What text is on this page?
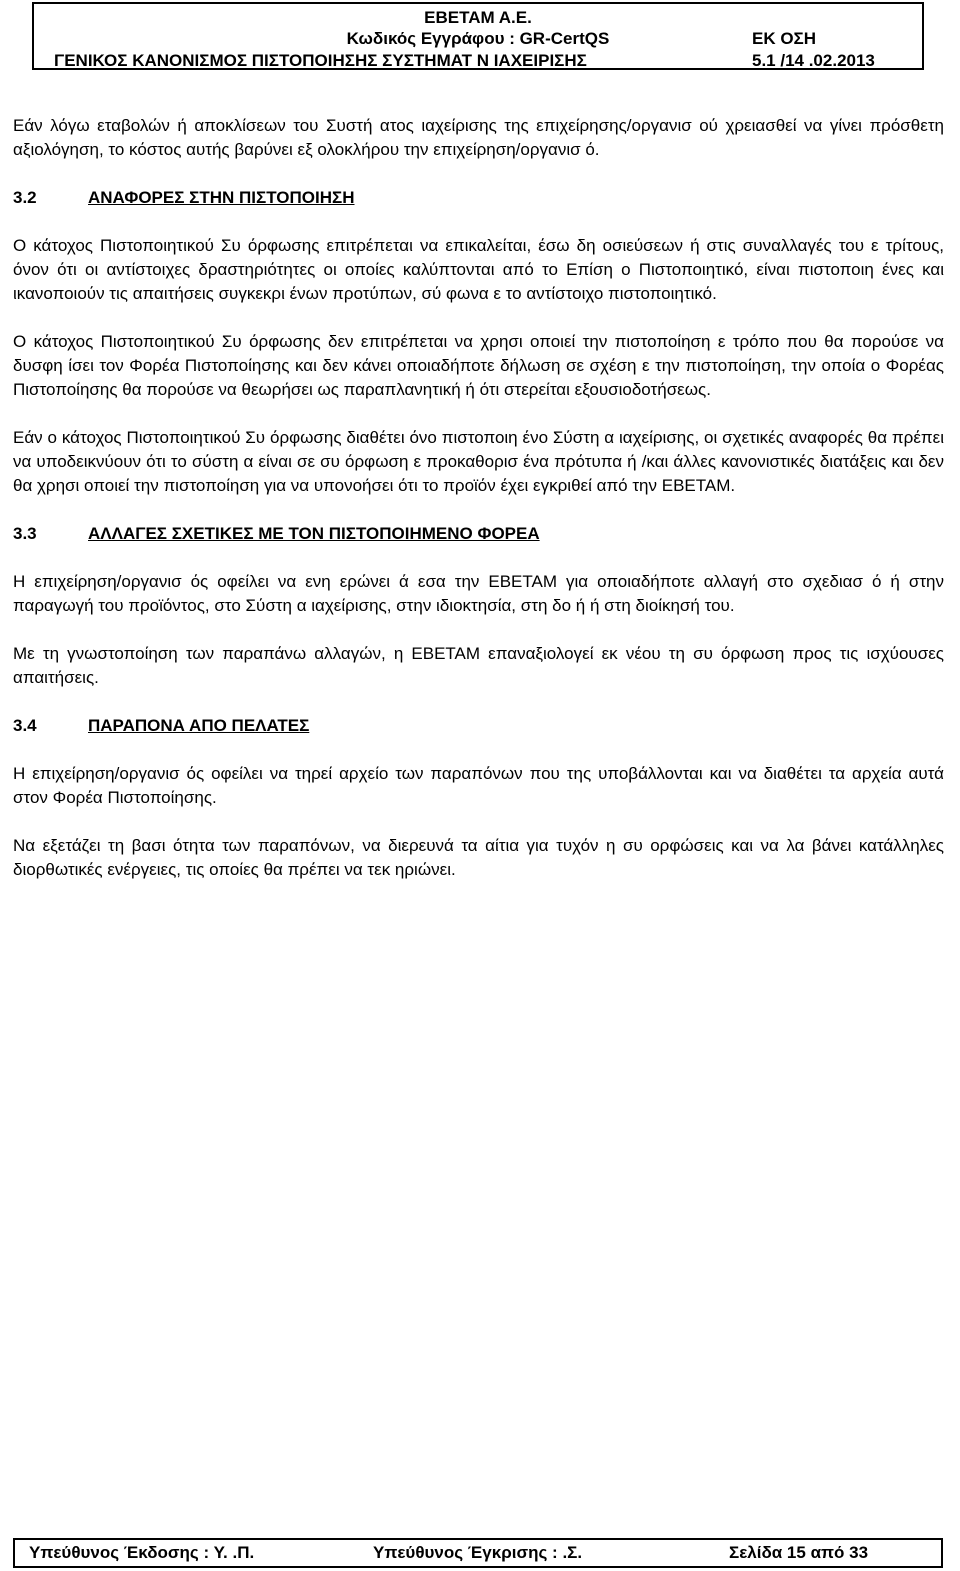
ΕΒΕΤΑΜ Α.Ε.
Κωδικός Εγγράφου : GR-CertQS	ΕΚ ΟΣΗ
ΓΕΝΙΚΟΣ ΚΑΝΟΝΙΣΜΟΣ ΠΙΣΤΟΠΟΙΗΣΗΣ ΣΥΣΤΗΜΑΤ Ν ΙΑΧΕΙΡΙΣΗΣ	5.1 /14 .02.2013

Εάν λόγω εταβολών ή αποκλίσεων του Συστή ατος ιαχείρισης της επιχείρησης/οργανισ ού χρειασθεί να γίνει πρόσθετη αξιολόγηση, το κόστος αυτής βαρύνει εξ ολοκλήρου την επιχείρηση/οργανισ ό.

3.2	ΑΝΑΦΟΡΕΣ ΣΤΗΝ ΠΙΣΤΟΠΟΙΗΣΗ

Ο κάτοχος Πιστοποιητικού Συ όρφωσης επιτρέπεται να επικαλείται, έσω δη οσιεύσεων ή στις συναλλαγές του ε τρίτους, όνον ότι οι αντίστοιχες δραστηριότητες οι οποίες καλύπτονται από το Επίση ο Πιστοποιητικό, είναι πιστοποιη ένες και ικανοποιούν τις απαιτήσεις συγκεκρι ένων προτύπων, σύ φωνα ε το αντίστοιχο πιστοποιητικό.

Ο κάτοχος Πιστοποιητικού Συ όρφωσης δεν επιτρέπεται να χρησι οποιεί την πιστοποίηση ε τρόπο που θα πορούσε να δυσφη ίσει τον Φορέα Πιστοποίησης και δεν κάνει οποιαδήποτε δήλωση σε σχέση ε την πιστοποίηση, την οποία ο Φορέας Πιστοποίησης θα πορούσε να θεωρήσει ως παραπλανητική ή ότι στερείται εξουσιοδοτήσεως.

Εάν ο κάτοχος Πιστοποιητικού Συ όρφωσης διαθέτει όνο πιστοποιη ένο Σύστη α ιαχείρισης, οι σχετικές αναφορές θα πρέπει να υποδεικνύουν ότι το σύστη α είναι σε συ όρφωση ε προκαθορισ ένα πρότυπα ή /και άλλες κανονιστικές διατάξεις και δεν θα χρησι οποιεί την πιστοποίηση για να υπονοήσει ότι το προϊόν έχει εγκριθεί από την ΕΒΕΤΑΜ.

3.3	ΑΛΛΑΓΕΣ ΣΧΕΤΙΚΕΣ ΜΕ ΤΟΝ ΠΙΣΤΟΠΟΙΗΜΕΝΟ ΦΟΡΕΑ

Η επιχείρηση/οργανισ ός οφείλει να ενη ερώνει ά εσα την ΕΒΕΤΑΜ για οποιαδήποτε αλλαγή στο σχεδιασ ό ή στην παραγωγή του προϊόντος, στο Σύστη α ιαχείρισης, στην ιδιοκτησία, στη δο ή ή στη διοίκησή του.

Με τη γνωστοποίηση των παραπάνω αλλαγών, η ΕΒΕΤΑΜ επαναξιολογεί εκ νέου τη συ όρφωση προς τις ισχύουσες απαιτήσεις.

3.4	ΠΑΡΑΠΟΝΑ ΑΠΟ ΠΕΛΑΤΕΣ

Η επιχείρηση/οργανισ ός οφείλει να τηρεί αρχείο των παραπόνων που της υποβάλλονται και να διαθέτει τα αρχεία αυτά στον Φορέα Πιστοποίησης.

Να εξετάζει τη βασι ότητα των παραπόνων, να διερευνά τα αίτια για τυχόν η συ ορφώσεις και να λα βάνει κατάλληλες διορθωτικές ενέργειες, τις οποίες θα πρέπει να τεκ ηριώνει.

Υπεύθυνος Έκδοσης : Υ. .Π.	Υπεύθυνος Έγκρισης : .Σ.	Σελίδα 15 από 33
